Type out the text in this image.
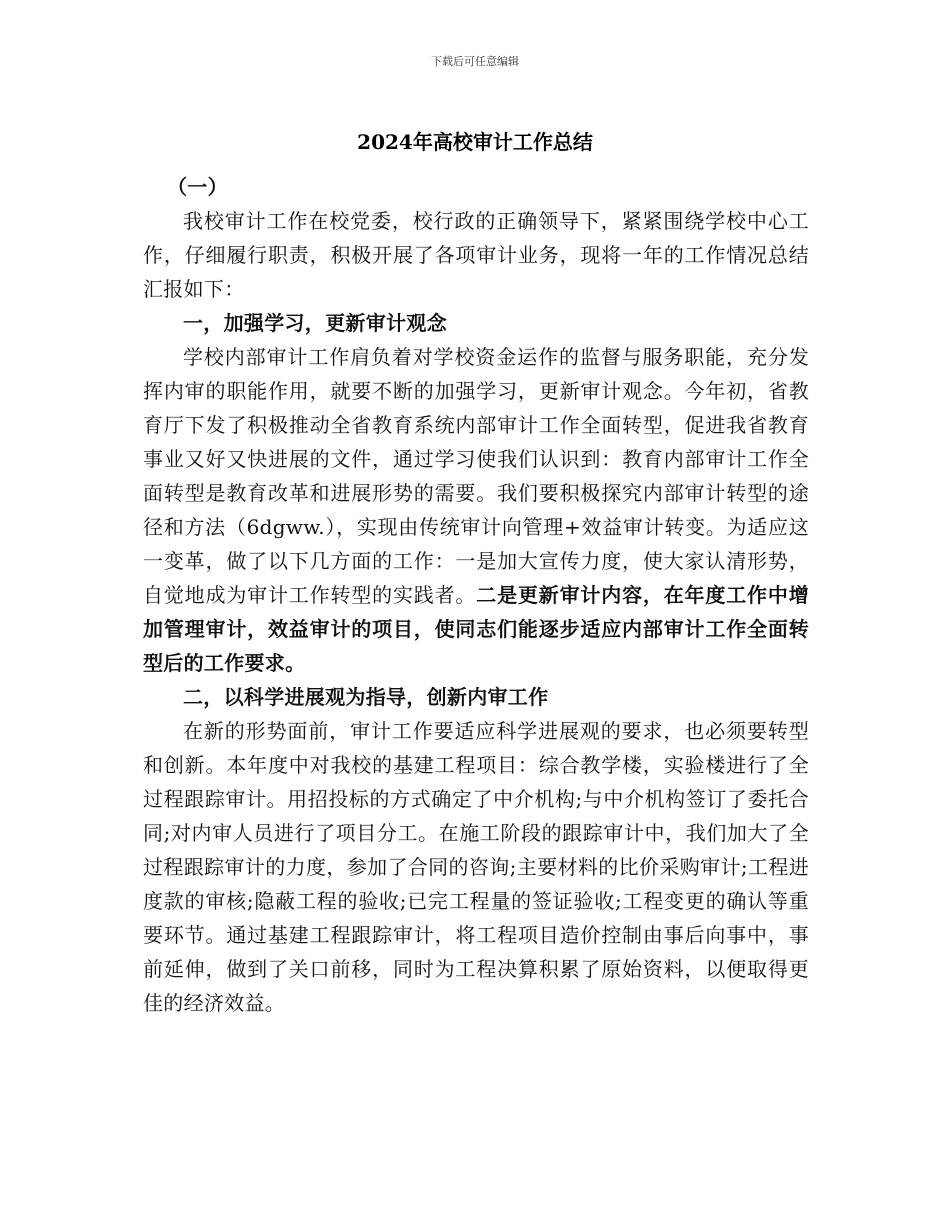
下载后可任意编辑
2024年高校审计工作总结

（一）

我校审计工作在校党委，校行政的正确领导下，紧紧围绕学校中心工作，仔细履行职责，积极开展了各项审计业务，现将一年的工作情况总结汇报如下：

一，加强学习，更新审计观念

学校内部审计工作肩负着对学校资金运作的监督与服务职能，充分发挥内审的职能作用，就要不断的加强学习，更新审计观念。今年初，省教育厅下发了积极推动全省教育系统内部审计工作全面转型，促进我省教育事业又好又快进展的文件，通过学习使我们认识到：教育内部审计工作全面转型是教育改革和进展形势的需要。我们要积极探究内部审计转型的途径和方法（6dgww.），实现由传统审计向管理+效益审计转变。为适应这一变革，做了以下几方面的工作：一是加大宣传力度，使大家认清形势，自觉地成为审计工作转型的实践者。二是更新审计内容，在年度工作中增加管理审计，效益审计的项目，使同志们能逐步适应内部审计工作全面转型后的工作要求。

二，以科学进展观为指导，创新内审工作

在新的形势面前，审计工作要适应科学进展观的要求，也必须要转型和创新。本年度中对我校的基建工程项目：综合教学楼，实验楼进行了全过程跟踪审计。用招投标的方式确定了中介机构;与中介机构签订了委托合同;对内审人员进行了项目分工。在施工阶段的跟踪审计中，我们加大了全过程跟踪审计的力度，参加了合同的咨询;主要材料的比价采购审计;工程进度款的审核;隐蔽工程的验收;已完工程量的签证验收;工程变更的确认等重要环节。通过基建工程跟踪审计，将工程项目造价控制由事后向事中，事前延伸，做到了关口前移，同时为工程决算积累了原始资料，以便取得更佳的经济效益。
